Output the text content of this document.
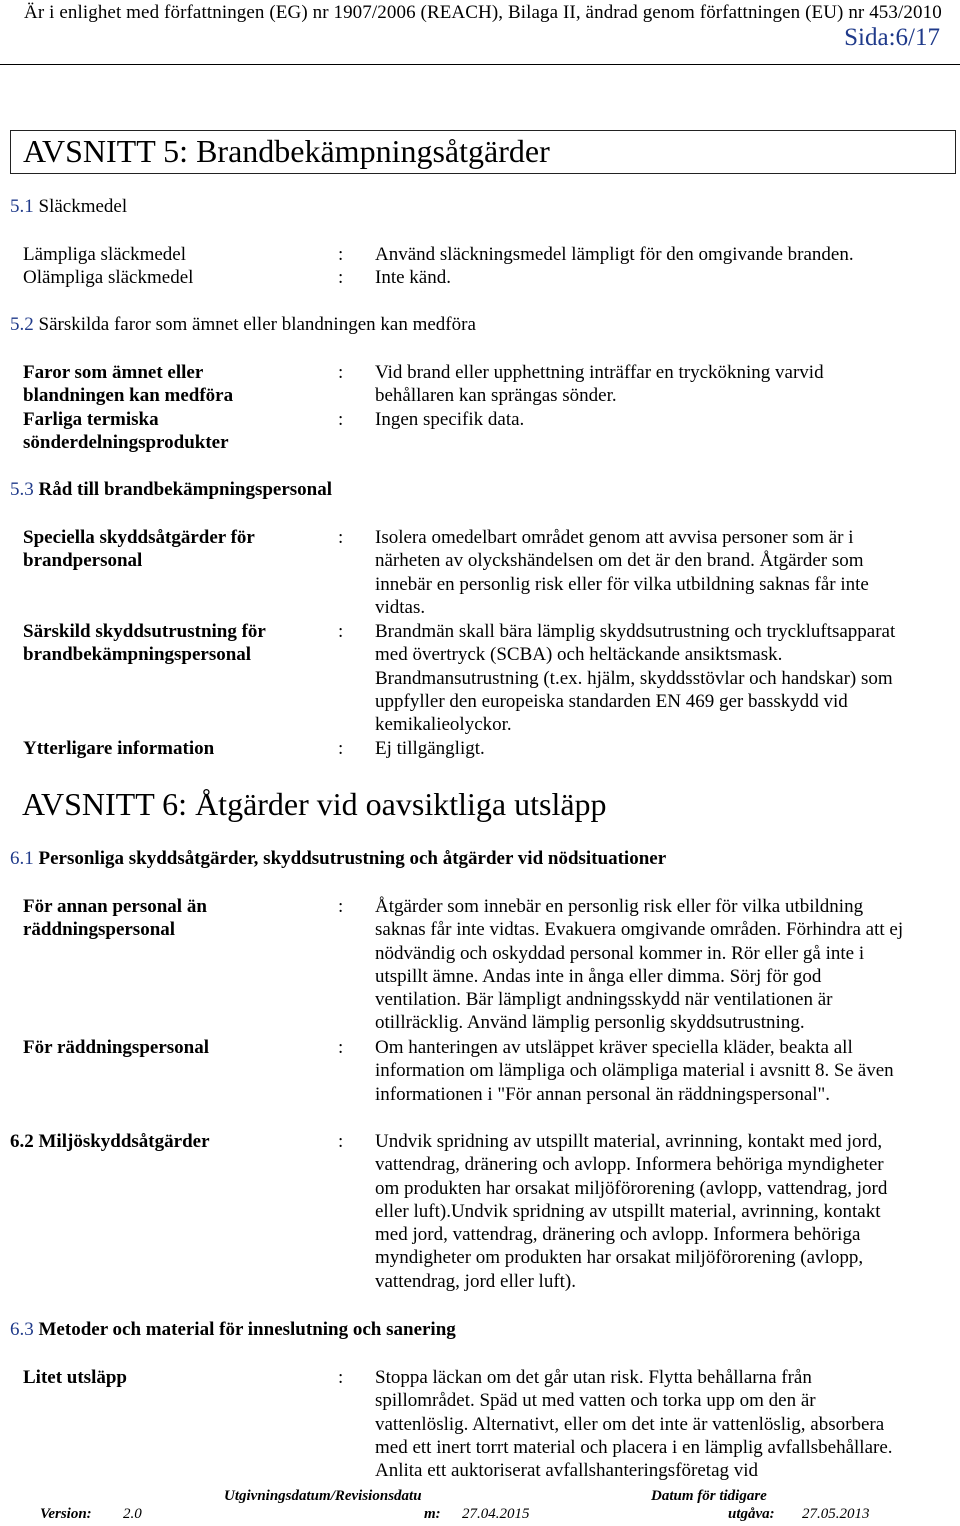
Är i enlighet med författningen (EG) nr 1907/2006 (REACH), Bilaga II, ändrad genom författningen (EU) nr 453/2010
Sida:6/17
AVSNITT 5: Brandbekämpningsåtgärder
5.1 Släckmedel
Lämpliga släckmedel	: Använd släckningsmedel lämpligt för den omgivande branden.
Olämpliga släckmedel	: Inte känd.
5.2 Särskilda faror som ämnet eller blandningen kan medföra
Faror som ämnet eller
blandningen kan medföra
: Vid brand eller upphettning inträffar en tryckökning varvid
behållaren kan sprängas sönder.
Farliga termiska
sönderdelningsprodukter
: Ingen specifik data.
5.3 Råd till brandbekämpningspersonal
Speciella skyddsåtgärder för
brandpersonal
: Isolera omedelbart området genom att avvisa personer som är i
närheten av olyckshändelsen om det är den brand. Åtgärder som
innebär en personlig risk eller för vilka utbildning saknas får inte
vidtas.
Särskild skyddsutrustning för
brandbekämpningspersonal
: Brandmän skall bära lämplig skyddsutrustning och tryckluftsapparat
med övertryck (SCBA) och heltäckande ansiktsmask.
Brandmansutrustning (t.ex. hjälm, skyddsstövlar och handskar) som
uppfyller den europeiska standarden EN 469 ger basskydd vid
kemikalieolyckor.
Ytterligare information	: Ej tillgängligt.
AVSNITT 6: Åtgärder vid oavsiktliga utsläpp
6.1 Personliga skyddsåtgärder, skyddsutrustning och åtgärder vid nödsituationer
För annan personal än
räddningspersonal
: Åtgärder som innebär en personlig risk eller för vilka utbildning
saknas får inte vidtas. Evakuera omgivande områden. Förhindra att ej
nödvändig och oskyddad personal kommer in. Rör eller gå inte i
utspillt ämne. Andas inte in ånga eller dimma. Sörj för god
ventilation. Bär lämpligt andningsskydd när ventilationen är
otillräcklig. Använd lämplig personlig skyddsutrustning.
För räddningspersonal	: Om hanteringen av utsläppet kräver speciella kläder, beakta all
information om lämpliga och olämpliga material i avsnitt 8. Se även
informationen i "För annan personal än räddningspersonal".
6.2 Miljöskyddsåtgärder	: Undvik spridning av utspillt material, avrinning, kontakt med jord,
vattendrag, dränering och avlopp. Informera behöriga myndigheter
om produkten har orsakat miljöförorening (avlopp, vattendrag, jord
eller luft).Undvik spridning av utspillt material, avrinning, kontakt
med jord, vattendrag, dränering och avlopp. Informera behöriga
myndigheter om produkten har orsakat miljöförorening (avlopp,
vattendrag, jord eller luft).
6.3 Metoder och material för inneslutning och sanering
Litet utsläpp	: Stoppa läckan om det går utan risk. Flytta behållarna från
spillområdet. Späd ut med vatten och torka upp om den är
vattenlöslig. Alternativt, eller om det inte är vattenlöslig, absorbera
med ett inert torrt material och placera i en lämplig avfallsbehållare.
Anlita ett auktoriserat avfallshanteringsföretag vid
Version: 2.0
Utgivningsdatum/Revisionsdatu
m: 27.04.2015
Datum för tidigare
utgåva: 27.05.2013
